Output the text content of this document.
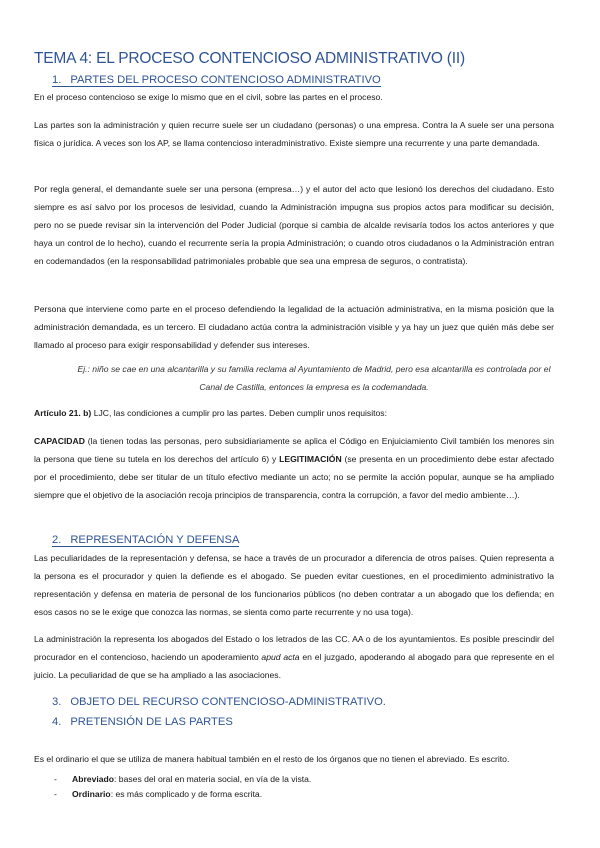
TEMA 4: EL PROCESO CONTENCIOSO ADMINISTRATIVO (II)
1. PARTES DEL PROCESO CONTENCIOSO ADMINISTRATIVO
En el proceso contencioso se exige lo mismo que en el civil, sobre las partes en el proceso.
Las partes son la administración y quien recurre suele ser un ciudadano (personas) o una empresa. Contra la A suele ser una persona física o jurídica. A veces son los AP, se llama contencioso interadministrativo. Existe siempre una recurrente y una parte demandada.
Por regla general, el demandante suele ser una persona (empresa…) y el autor del acto que lesionó los derechos del ciudadano. Esto siempre es así salvo por los procesos de lesividad, cuando la Administración impugna sus propios actos para modificar su decisión, pero no se puede revisar sin la intervención del Poder Judicial (porque si cambia de alcalde revisaría todos los actos anteriores y que haya un control de lo hecho), cuando el recurrente sería la propia Administración; o cuando otros ciudadanos o la Administración entran en codemandados (en la responsabilidad patrimoniales probable que sea una empresa de seguros, o contratista).
Persona que interviene como parte en el proceso defendiendo la legalidad de la actuación administrativa, en la misma posición que la administración demandada, es un tercero. El ciudadano actúa contra la administración visible y ya hay un juez que quién más debe ser llamado al proceso para exigir responsabilidad y defender sus intereses.
Ej.: niño se cae en una alcantarilla y su familia reclama al Ayuntamiento de Madrid, pero esa alcantarilla es controlada por el Canal de Castilla, entonces la empresa es la codemandada.
Artículo 21. b) LJC, las condiciones a cumplir pro las partes. Deben cumplir unos requisitos:
CAPACIDAD (la tienen todas las personas, pero subsidiariamente se aplica el Código en Enjuiciamiento Civil también los menores sin la persona que tiene su tutela en los derechos del artículo 6) y LEGITIMACIÓN (se presenta en un procedimiento debe estar afectado por el procedimiento, debe ser titular de un título efectivo mediante un acto; no se permite la acción popular, aunque se ha ampliado siempre que el objetivo de la asociación recoja principios de transparencia, contra la corrupción, a favor del medio ambiente…).
2. REPRESENTACIÓN Y DEFENSA
Las peculiaridades de la representación y defensa, se hace a través de un procurador a diferencia de otros países. Quien representa a la persona es el procurador y quien la defiende es el abogado. Se pueden evitar cuestiones, en el procedimiento administrativo la representación y defensa en materia de personal de los funcionarios públicos (no deben contratar a un abogado que los defienda; en esos casos no se le exige que conozca las normas, se sienta como parte recurrente y no usa toga).
La administración la representa los abogados del Estado o los letrados de las CC. AA o de los ayuntamientos. Es posible prescindir del procurador en el contencioso, haciendo un apoderamiento apud acta en el juzgado, apoderando al abogado para que represente en el juicio. La peculiaridad de que se ha ampliado a las asociaciones.
3. OBJETO DEL RECURSO CONTENCIOSO-ADMINISTRATIVO.
4. PRETENSIÓN DE LAS PARTES
Es el ordinario el que se utiliza de manera habitual también en el resto de los órganos que no tienen el abreviado. Es escrito.
- Abreviado: bases del oral en materia social, en vía de la vista.
- Ordinario: es más complicado y de forma escrita.
